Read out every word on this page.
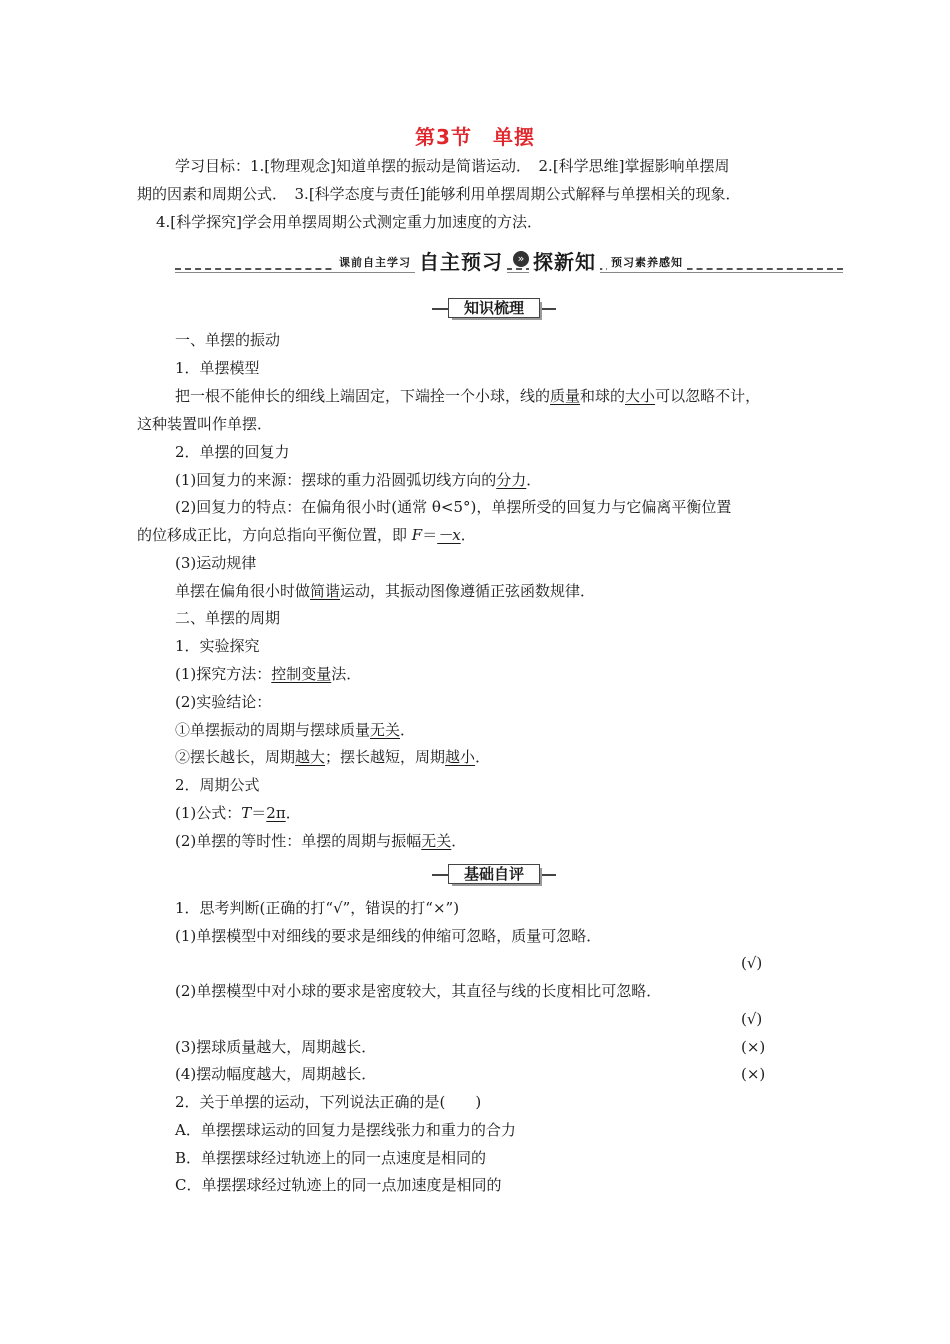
第3节　单摆
学习目标：1.[物理观念]知道单摆的振动是简谐运动．　2.[科学思维]掌握影响单摆周
期的因素和周期公式．　3.[科学态度与责任]能够利用单摆周期公式解释与单摆相关的现象．
4.[科学探究]学会用单摆周期公式测定重力加速度的方法．
课前自主学习 自主预习	» 探新知	预习素养感知
知识梳理
一、单摆的振动
1．单摆模型
把一根不能伸长的细线上端固定，下端拴一个小球，线的质量和球的大小可以忽略不计，
这种装置叫作单摆．
2．单摆的回复力
(1)回复力的来源：摆球的重力沿圆弧切线方向的分力．
(2)回复力的特点：在偏角很小时(通常 θ<5°)，单摆所受的回复力与它偏离平衡位置
的位移成正比，方向总指向平衡位置，即 F＝－x．
(3)运动规律
单摆在偏角很小时做简谐运动，其振动图像遵循正弦函数规律．
二、单摆的周期
1．实验探究
(1)探究方法：控制变量法．
(2)实验结论：
①单摆振动的周期与摆球质量无关．
②摆长越长，周期越大；摆长越短，周期越小．
2．周期公式
(1)公式：T＝2π．
(2)单摆的等时性：单摆的周期与振幅无关．
基础自评
1．思考判断(正确的打“√”，错误的打“×”)
(1)单摆模型中对细线的要求是细线的伸缩可忽略，质量可忽略．
(√)
(2)单摆模型中对小球的要求是密度较大，其直径与线的长度相比可忽略．
(√)
(3)摆球质量越大，周期越长．	(×)
(4)摆动幅度越大，周期越长．	(×)
2．关于单摆的运动，下列说法正确的是(　　)
A．单摆摆球运动的回复力是摆线张力和重力的合力
B．单摆摆球经过轨迹上的同一点速度是相同的
C．单摆摆球经过轨迹上的同一点加速度是相同的
